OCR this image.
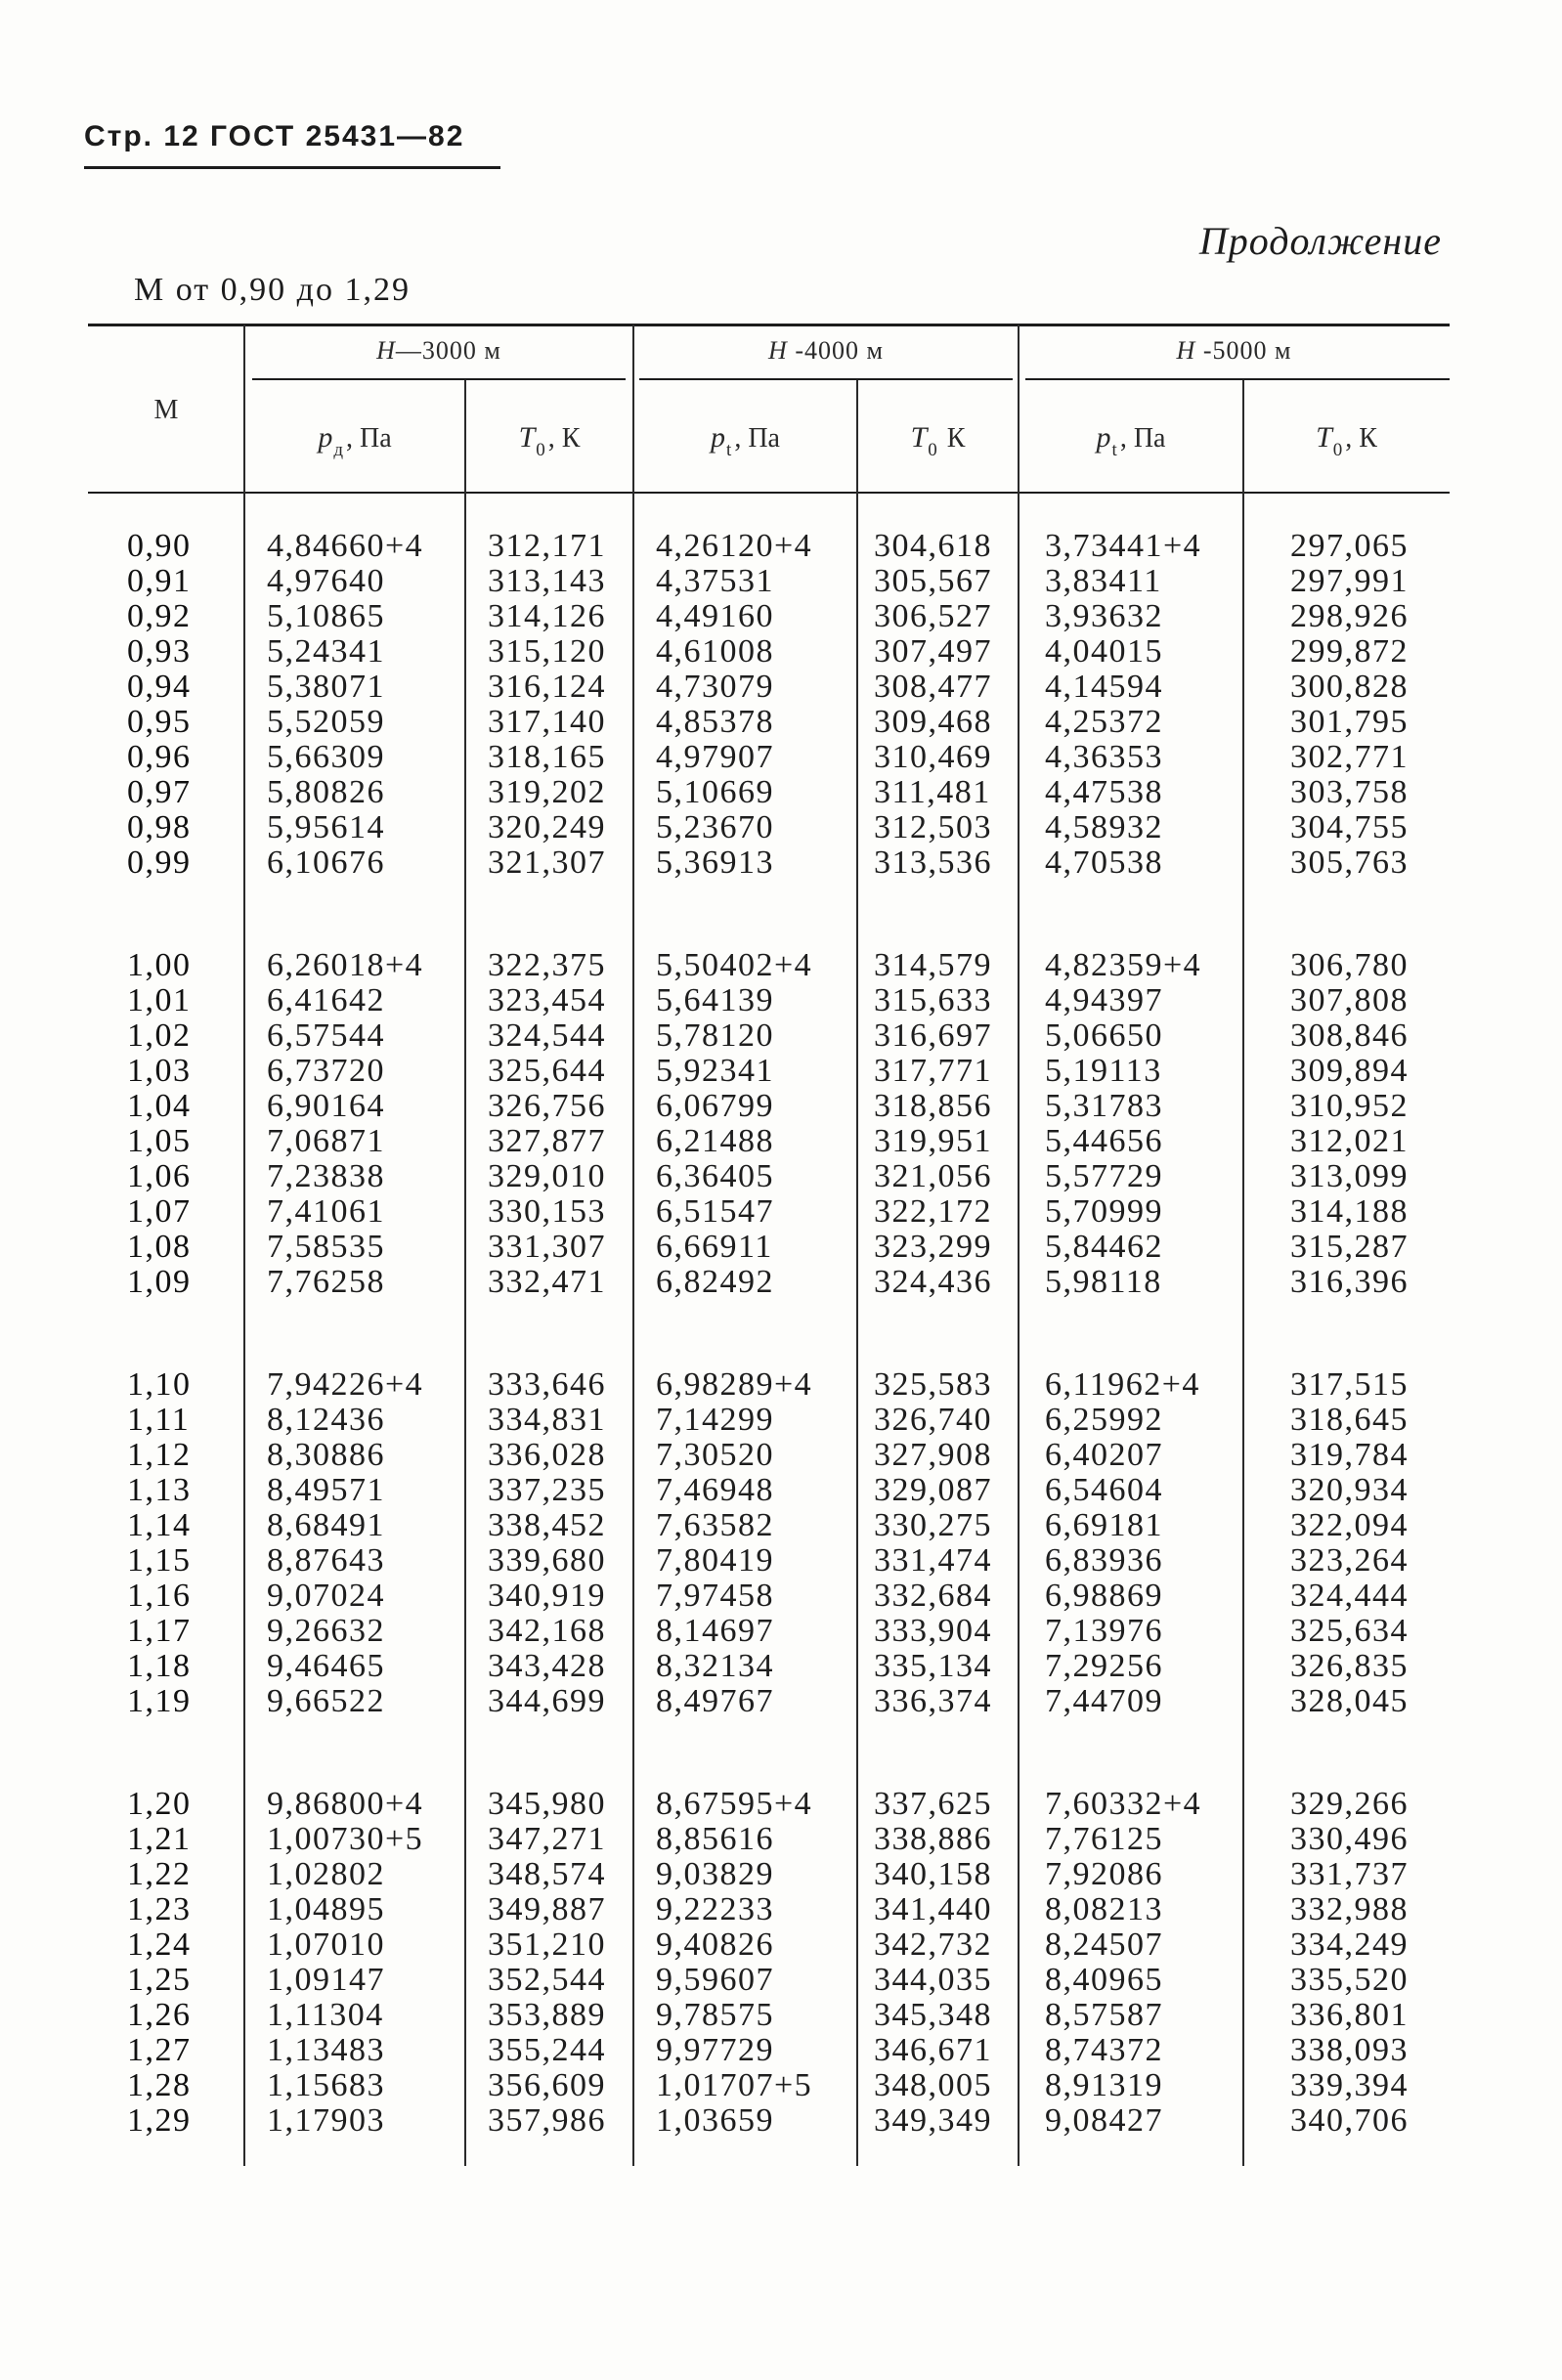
Стр. 12 ГОСТ 25431—82
Продолжение
М от 0,90 до 1,29
М
H—3000 м	H -4000 м	H -5000 м
$p_д$ , Па	$T_0$ , К	$p_t$ , Па	$T_0$ К	$p_t$ , Па	$T_0$ , К
0,90 4,84660+4 312,171 4,26120+4 304,618 3,73441+4	297,065
0,91 4,97640	313,143 4,37531	305,567 3,83411	297,991
0,92 5,10865	314,126 4,49160	306,527 3,93632	298,926
0,93 5,24341	315,120 4,61008	307,497 4,04015	299,872
0,94 5,38071	316,124 4,73079	308,477 4,14594	300,828
0,95 5,52059	317,140 4,85378	309,468 4,25372	301,795
0,96 5,66309	318,165 4,97907	310,469 4,36353	302,771
0,97 5,80826	319,202 5,10669	311,481 4,47538	303,758
0,98 5,95614	320,249 5,23670	312,503 4,58932	304,755
0,99 6,10676	321,307 5,36913	313,536 4,70538	305,763
1,00 6,26018+4 322,375 5,50402+4 314,579 4,82359+4	306,780
1,01 6,41642	323,454 5,64139	315,633 4,94397	307,808
1,02 6,57544	324,544 5,78120	316,697 5,06650	308,846
1,03 6,73720	325,644 5,92341	317,771 5,19113	309,894
1,04 6,90164	326,756 6,06799	318,856 5,31783	310,952
1,05 7,06871	327,877 6,21488	319,951 5,44656	312,021
1,06 7,23838	329,010 6,36405	321,056 5,57729	313,099
1,07 7,41061	330,153 6,51547	322,172 5,70999	314,188
1,08 7,58535	331,307 6,66911	323,299 5,84462	315,287
1,09 7,76258	332,471 6,82492	324,436 5,98118	316,396
1,10 7,94226+4 333,646 6,98289+4 325,583 6,11962+4	317,515
1,11 8,12436	334,831 7,14299	326,740 6,25992	318,645
1,12 8,30886	336,028 7,30520	327,908 6,40207	319,784
1,13 8,49571	337,235 7,46948	329,087 6,54604	320,934
1,14 8,68491	338,452 7,63582	330,275 6,69181	322,094
1,15 8,87643	339,680 7,80419	331,474 6,83936	323,264
1,16 9,07024	340,919 7,97458	332,684 6,98869	324,444
1,17 9,26632	342,168 8,14697	333,904 7,13976	325,634
1,18 9,46465	343,428 8,32134	335,134 7,29256	326,835
1,19 9,66522	344,699 8,49767	336,374 7,44709	328,045
1,20 9,86800+4 345,980 8,67595+4 337,625 7,60332+4	329,266
1,21 1,00730+5 347,271 8,85616	338,886 7,76125	330,496
1,22 1,02802	348,574 9,03829	340,158 7,92086	331,737
1,23 1,04895	349,887 9,22233	341,440 8,08213	332,988
1,24 1,07010	351,210 9,40826	342,732 8,24507	334,249
1,25 1,09147	352,544 9,59607	344,035 8,40965	335,520
1,26 1,11304	353,889 9,78575	345,348 8,57587	336,801
1,27 1,13483	355,244 9,97729	346,671 8,74372	338,093
1,28 1,15683	356,609 1,01707+5 348,005 8,91319	339,394
1,29 1,17903	357,986 1,03659	349,349 9,08427	340,706
